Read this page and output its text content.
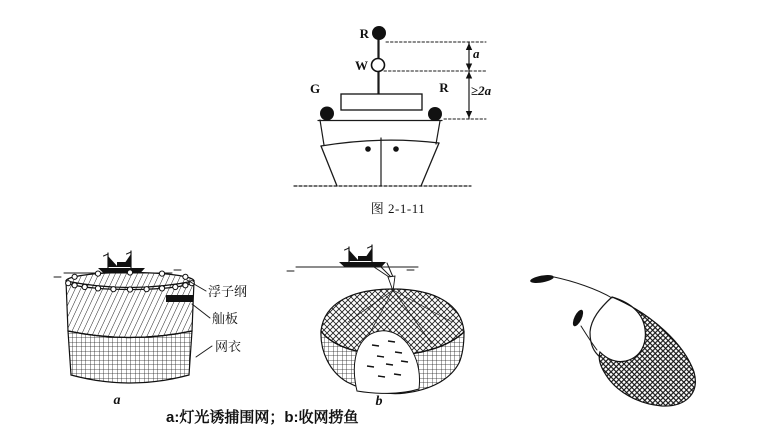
R
W
G	R
a
≥2a
图 2-1-11
浮子纲
舢板
网衣
a	b
a:灯光诱捕围网；b:收网捞鱼
